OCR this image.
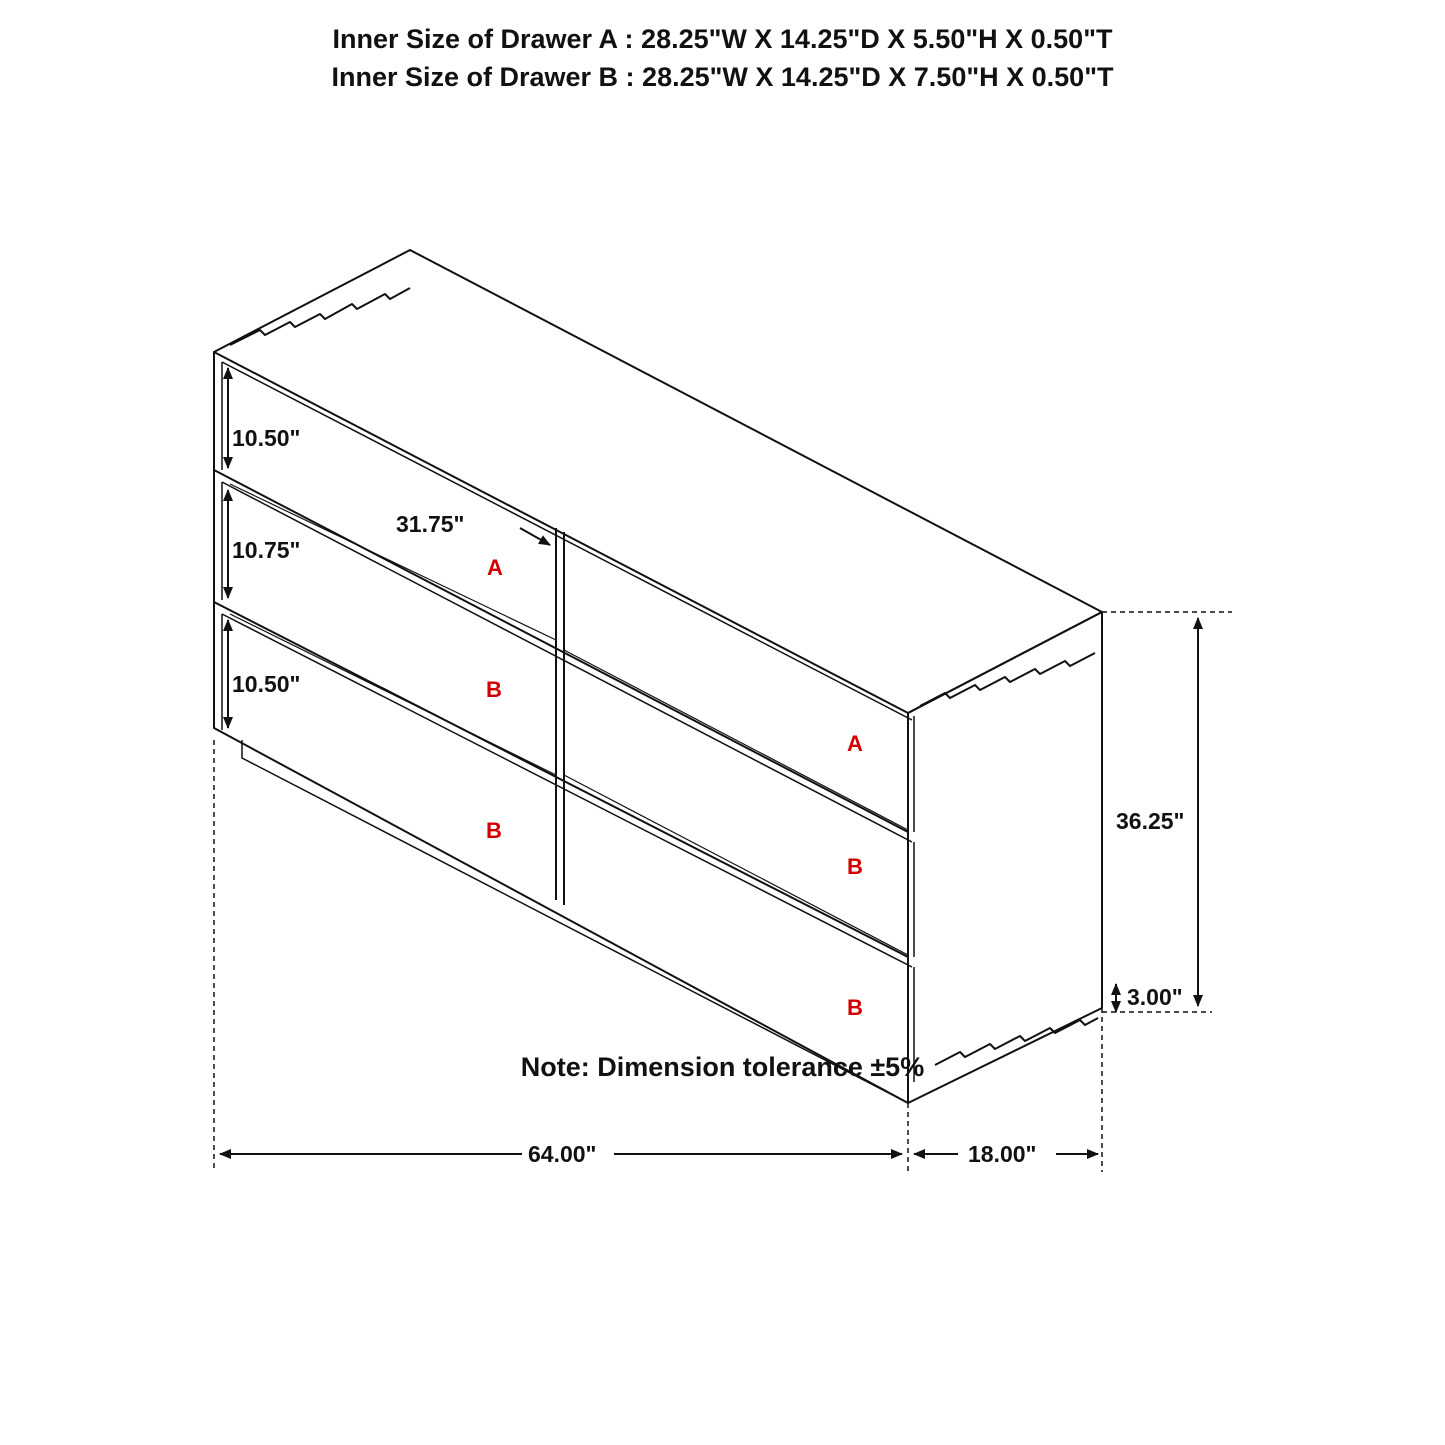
Inner Size of Drawer A : 28.25"W X 14.25"D X 5.50"H X 0.50"T
Inner Size of Drawer B : 28.25"W X 14.25"D X 7.50"H X 0.50"T
10.50"
10.75"
10.50"
31.75"
36.25"
3.00"
64.00"	18.00"
A
A
B
B
B
B
Note: Dimension tolerance ±5%
